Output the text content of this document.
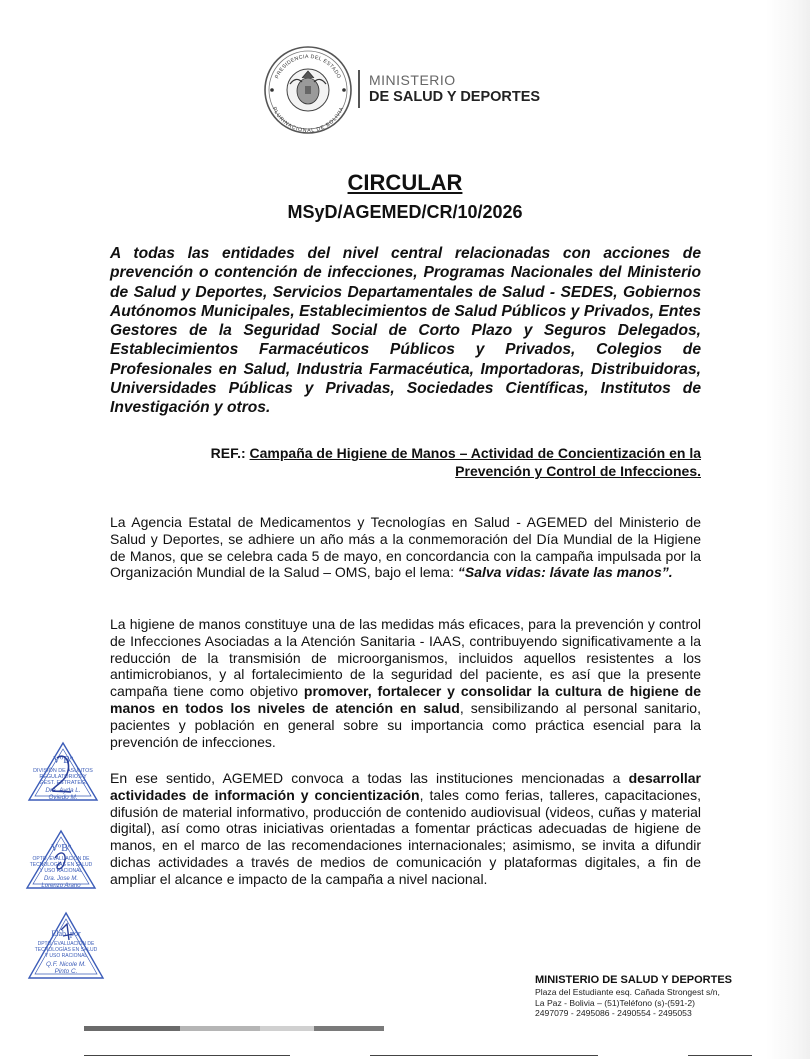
PRESIDENCIA DEL ESTADO
PLURINACIONAL DE BOLIVIA
MINISTERIO
DE SALUD Y DEPORTES
CIRCULAR
MSyD/AGEMED/CR/10/2026

A todas las entidades del nivel central relacionadas con acciones de prevención o contención de infecciones, Programas Nacionales del Ministerio de Salud y Deportes, Servicios Departamentales de Salud - SEDES, Gobiernos Autónomos Municipales, Establecimientos de Salud Públicos y Privados, Entes Gestores de la Seguridad Social de Corto Plazo y Seguros Delegados, Establecimientos Farmacéuticos Públicos y Privados, Colegios de Profesionales en Salud, Industria Farmacéutica, Importadoras, Distribuidoras, Universidades Públicas y Privadas, Sociedades Científicas, Institutos de Investigación y otros.

REF.: Campaña de Higiene de Manos – Actividad de Concientización en la
Prevención y Control de Infecciones.

La Agencia Estatal de Medicamentos y Tecnologías en Salud - AGEMED del Ministerio de Salud y Deportes, se adhiere un año más a la conmemoración del Día Mundial de la Higiene de Manos, que se celebra cada 5 de mayo, en concordancia con la campaña impulsada por la Organización Mundial de la Salud – OMS, bajo el lema: “Salva vidas: lávate las manos”.

La higiene de manos constituye una de las medidas más eficaces, para la prevención y control de Infecciones Asociadas a la Atención Sanitaria - IAAS, contribuyendo significativamente a la reducción de la transmisión de microorganismos, incluidos aquellos resistentes a los antimicrobianos, y al fortalecimiento de la seguridad del paciente, es así que la presente campaña tiene como objetivo promover, fortalecer y consolidar la cultura de higiene de manos en todos los niveles de atención en salud, sensibilizando al personal sanitario, pacientes y población en general sobre su importancia como práctica esencial para la prevención de infecciones.

En ese sentido, AGEMED convoca a todas las instituciones mencionadas a desarrollar actividades de información y concientización, tales como ferias, talleres, capacitaciones, difusión de material informativo, producción de contenido audiovisual (videos, cuñas y material digital), así como otras iniciativas orientadas a fomentar prácticas adecuadas de higiene de manos, en el marco de las recomendaciones internacionales; asimismo, se invita a difundir dichas actividades a través de medios de comunicación y plataformas digitales, a fin de ampliar el alcance e impacto de la campaña a nivel nacional.

VºBº
DIVISIÓN DE ASUNTOS
REGULATORIOS Y
GEST. ESTRATEG.
Dra. Ayda L.
Oviedo M.
VºBº
OPTO. EVALUACIÓN DE
TECNOLOGÍAS EN SALUD
Y USO RACIONAL
Dra. Jose M.
Lorenzo Arano
Elab. por
DPTO. EVALUACIÓN DE
TECNOLOGÍAS EN SALUD
Y USO RACIONAL
Q.F. Nicole M.
Pinto C.
MINISTERIO DE SALUD Y DEPORTES
Plaza del Estudiante esq. Cañada Strongest s/n,
La Paz - Bolivia – (51)Teléfono (s)-(591-2)
2497079 - 2495086 - 2490554 - 2495053
